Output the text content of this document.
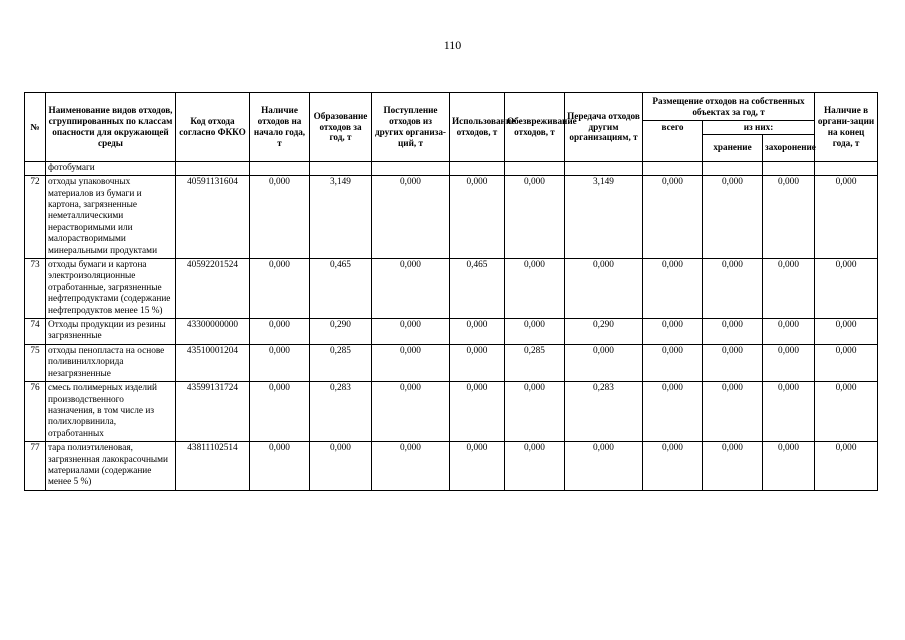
110
№	Наименование видов отходов, сгруппированных по классам опасности для окружающей среды	Код отхода согласно ФККО	Наличие отходов на начало года, т	Образование отходов за год, т	Поступление отходов из других организа-ций, т	Использование отходов, т	Обезвреживание отходов, т	Передача отходов другим организациям, т	Размещение отходов на собственных объектах за год, т			Наличие в органи-зации на конец года, т
									всего	из них:		
										хранение	захоронение	
	фотобумаги											
72	отходы упаковочных материалов из бумаги и картона, загрязненные неметаллическими нерастворимыми или малорастворимыми минеральными продуктами	40591131604	0,000	3,149	0,000	0,000	0,000	3,149	0,000	0,000	0,000	0,000
73	отходы бумаги и картона электроизоляционные отработанные, загрязненные нефтепродуктами (содержание нефтепродуктов менее 15 %)	40592201524	0,000	0,465	0,000	0,465	0,000	0,000	0,000	0,000	0,000	0,000
74	Отходы продукции из резины загрязненные	43300000000	0,000	0,290	0,000	0,000	0,000	0,290	0,000	0,000	0,000	0,000
75	отходы пенопласта на основе поливинилхлорида незагрязненные	43510001204	0,000	0,285	0,000	0,000	0,285	0,000	0,000	0,000	0,000	0,000
76	смесь полимерных изделий производственного назначения, в том числе из полихлорвинила, отработанных	43599131724	0,000	0,283	0,000	0,000	0,000	0,283	0,000	0,000	0,000	0,000
77	тара полиэтиленовая, загрязненная лакокрасочными материалами (содержание менее 5 %)	43811102514	0,000	0,000	0,000	0,000	0,000	0,000	0,000	0,000	0,000	0,000
